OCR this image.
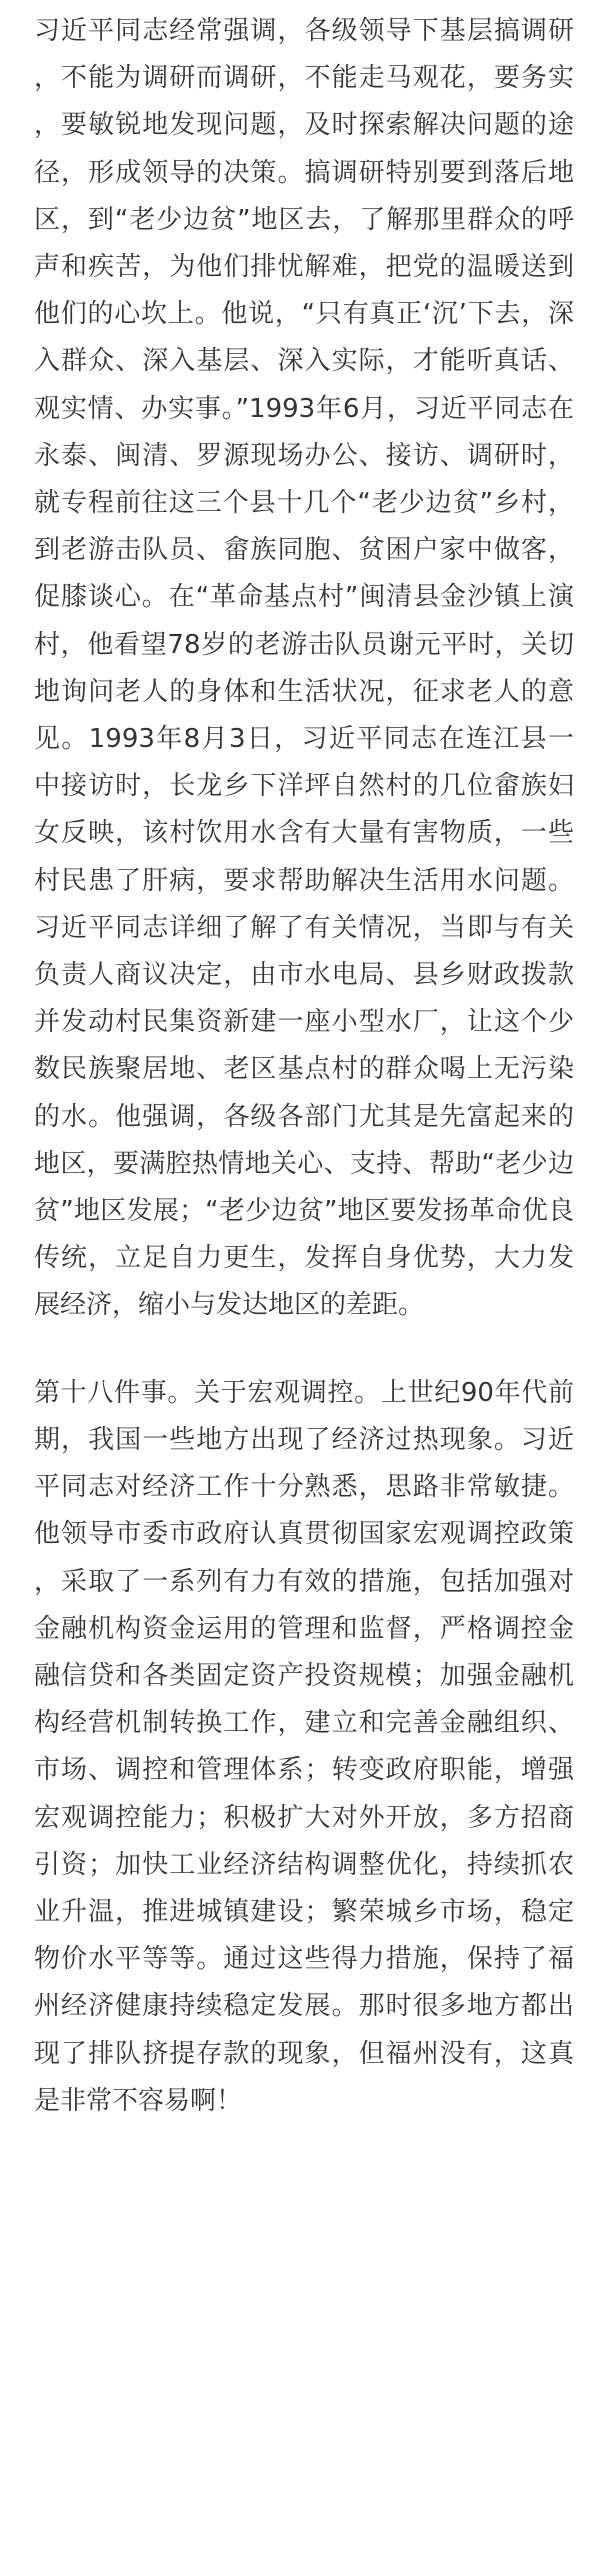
习近平同志经常强调，各级领导下基层搞调研，不能为调研而调研，不能走马观花，要务实，要敏锐地发现问题，及时探索解决问题的途径，形成领导的决策。搞调研特别要到落后地区，到“老少边贫”地区去，了解那里群众的呼声和疾苦，为他们排忧解难，把党的温暖送到他们的心坎上。他说，“只有真正‘沉’下去，深入群众、深入基层、深入实际，才能听真话、观实情、办实事。”1993年6月，习近平同志在永泰、闽清、罗源现场办公、接访、调研时，就专程前往这三个县十几个“老少边贫”乡村，到老游击队员、畲族同胞、贫困户家中做客，促膝谈心。在“革命基点村”闽清县金沙镇上演村，他看望78岁的老游击队员谢元平时，关切地询问老人的身体和生活状况，征求老人的意见。1993年8月3日，习近平同志在连江县一中接访时，长龙乡下洋坪自然村的几位畲族妇女反映，该村饮用水含有大量有害物质，一些村民患了肝病，要求帮助解决生活用水问题。习近平同志详细了解了有关情况，当即与有关负责人商议决定，由市水电局、县乡财政拨款并发动村民集资新建一座小型水厂，让这个少数民族聚居地、老区基点村的群众喝上无污染的水。他强调，各级各部门尤其是先富起来的地区，要满腔热情地关心、支持、帮助“老少边贫”地区发展；“老少边贫”地区要发扬革命优良传统，立足自力更生，发挥自身优势，大力发展经济，缩小与发达地区的差距。

第十八件事。关于宏观调控。上世纪90年代前期，我国一些地方出现了经济过热现象。习近平同志对经济工作十分熟悉，思路非常敏捷。他领导市委市政府认真贯彻国家宏观调控政策，采取了一系列有力有效的措施，包括加强对金融机构资金运用的管理和监督，严格调控金融信贷和各类固定资产投资规模；加强金融机构经营机制转换工作，建立和完善金融组织、市场、调控和管理体系；转变政府职能，增强宏观调控能力；积极扩大对外开放，多方招商引资；加快工业经济结构调整优化，持续抓农业升温，推进城镇建设；繁荣城乡市场，稳定物价水平等等。通过这些得力措施，保持了福州经济健康持续稳定发展。那时很多地方都出现了排队挤提存款的现象，但福州没有，这真是非常不容易啊！
